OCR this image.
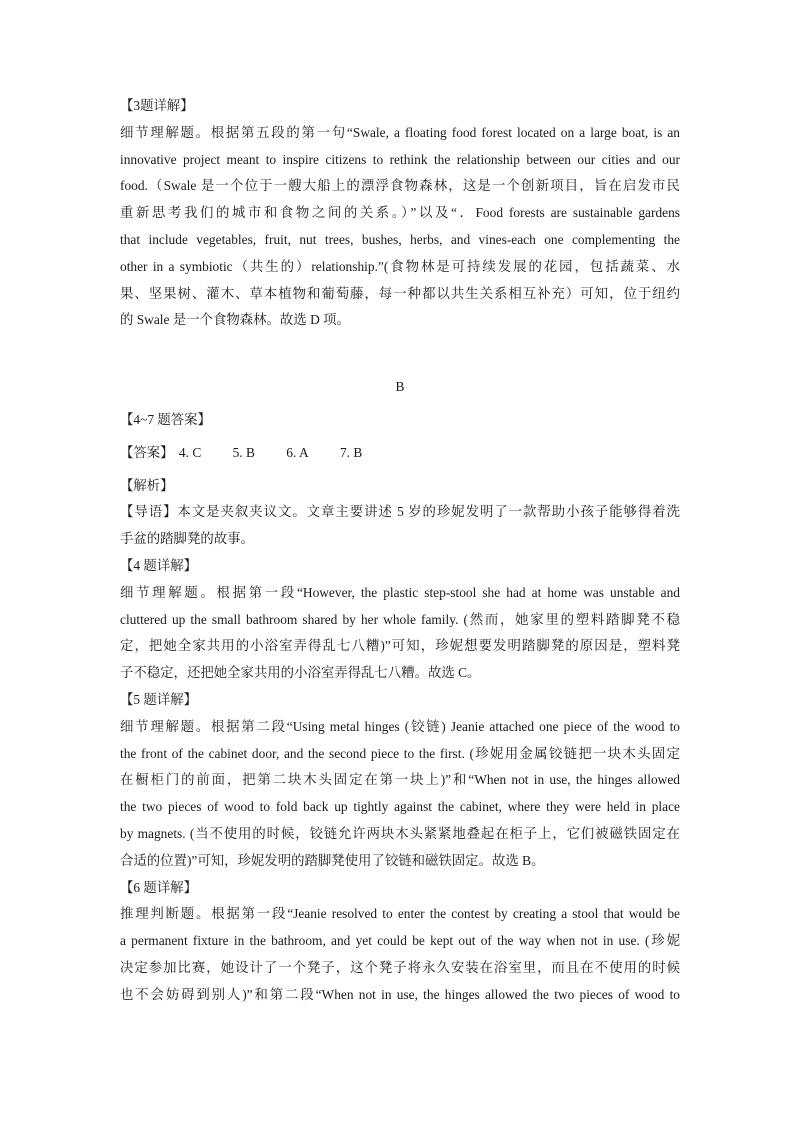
【3题详解】
细节理解题。根据第五段的第一句“Swale, a floating food forest located on a large boat, is an
innovative project meant to inspire citizens to rethink the relationship between our cities and our
food.（Swale 是一个位于一艘大船上的漂浮食物森林，这是一个创新项目，旨在启发市民
重新思考我们的城市和食物之间的关系。）”以及“．Food forests are sustainable gardens
that include vegetables, fruit, nut trees, bushes, herbs, and vines-each one complementing the
other in a symbiotic（共生的）relationship.”(食物林是可持续发展的花园，包括蔬菜、水
果、坚果树、灌木、草本植物和葡萄藤，每一种都以共生关系相互补充）可知，位于纽约
的 Swale 是一个食物森林。故选 D 项。
B
【4~7 题答案】
【答案】 4. C 5. B 6. A 7. B
【解析】
【导语】本文是夹叙夹议文。文章主要讲述 5 岁的珍妮发明了一款帮助小孩子能够得着洗
手盆的踏脚凳的故事。
【4 题详解】
细节理解题。根据第一段“However, the plastic step-stool she had at home was unstable and
cluttered up the small bathroom shared by her whole family. (然而，她家里的塑料踏脚凳不稳
定，把她全家共用的小浴室弄得乱七八糟)”可知，珍妮想要发明踏脚凳的原因是，塑料凳
子不稳定，还把她全家共用的小浴室弄得乱七八糟。故选 C。
【5 题详解】
细节理解题。根据第二段“Using metal hinges (铰链) Jeanie attached one piece of the wood to
the front of the cabinet door, and the second piece to the first. (珍妮用金属铰链把一块木头固定
在橱柜门的前面，把第二块木头固定在第一块上)”和“When not in use, the hinges allowed
the two pieces of wood to fold back up tightly against the cabinet, where they were held in place
by magnets. (当不使用的时候，铰链允许两块木头紧紧地叠起在柜子上，它们被磁铁固定在
合适的位置)”可知，珍妮发明的踏脚凳使用了铰链和磁铁固定。故选 B。
【6 题详解】
推理判断题。根据第一段“Jeanie resolved to enter the contest by creating a stool that would be
a permanent fixture in the bathroom, and yet could be kept out of the way when not in use. (珍妮
决定参加比赛，她设计了一个凳子，这个凳子将永久安装在浴室里，而且在不使用的时候
也不会妨碍到别人)”和第二段“When not in use, the hinges allowed the two pieces of wood to
